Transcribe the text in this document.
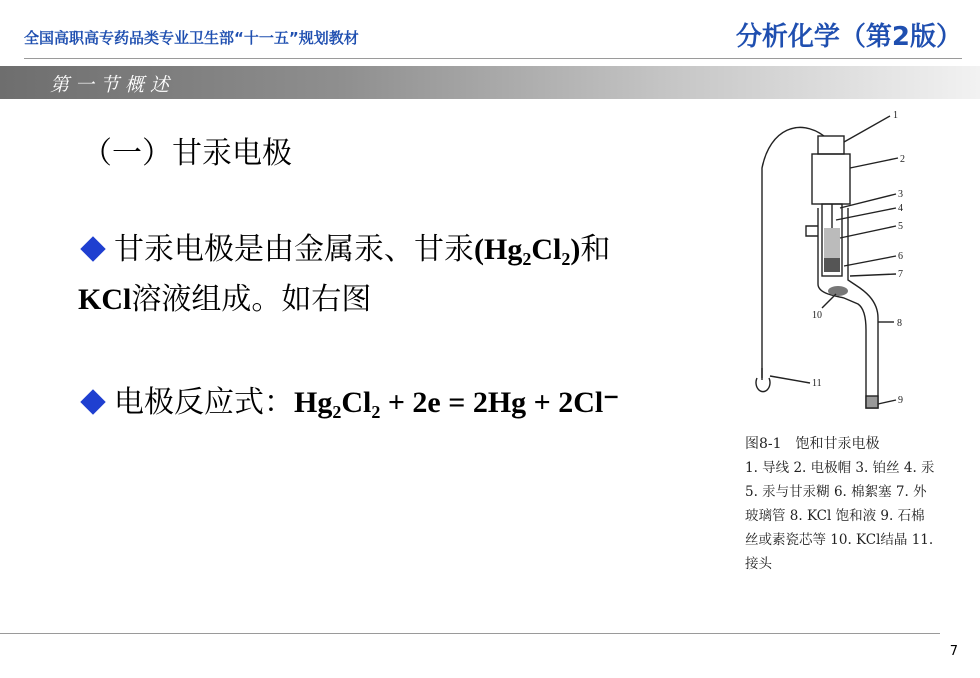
全国高职高专药品类专业卫生部“十一五”规划教材	分析化学（第2版）
第一节概述
（一）甘汞电极
甘汞电极是由金属汞、甘汞(Hg₂Cl₂)和
KCl溶液组成。如右图
电极反应式：Hg₂Cl₂ + 2e = 2Hg + 2Cl⁻
1
2
3
4
5
6
7
8
9
10
11
图8-1　饱和甘汞电极
1. 导线 2. 电极帽 3. 铂丝 4. 汞 5. 汞与甘汞糊 6. 棉絮塞 7. 外玻璃管 8. KCl 饱和液 9. 石棉丝或素瓷芯等 10. KCl结晶 11. 接头
7
